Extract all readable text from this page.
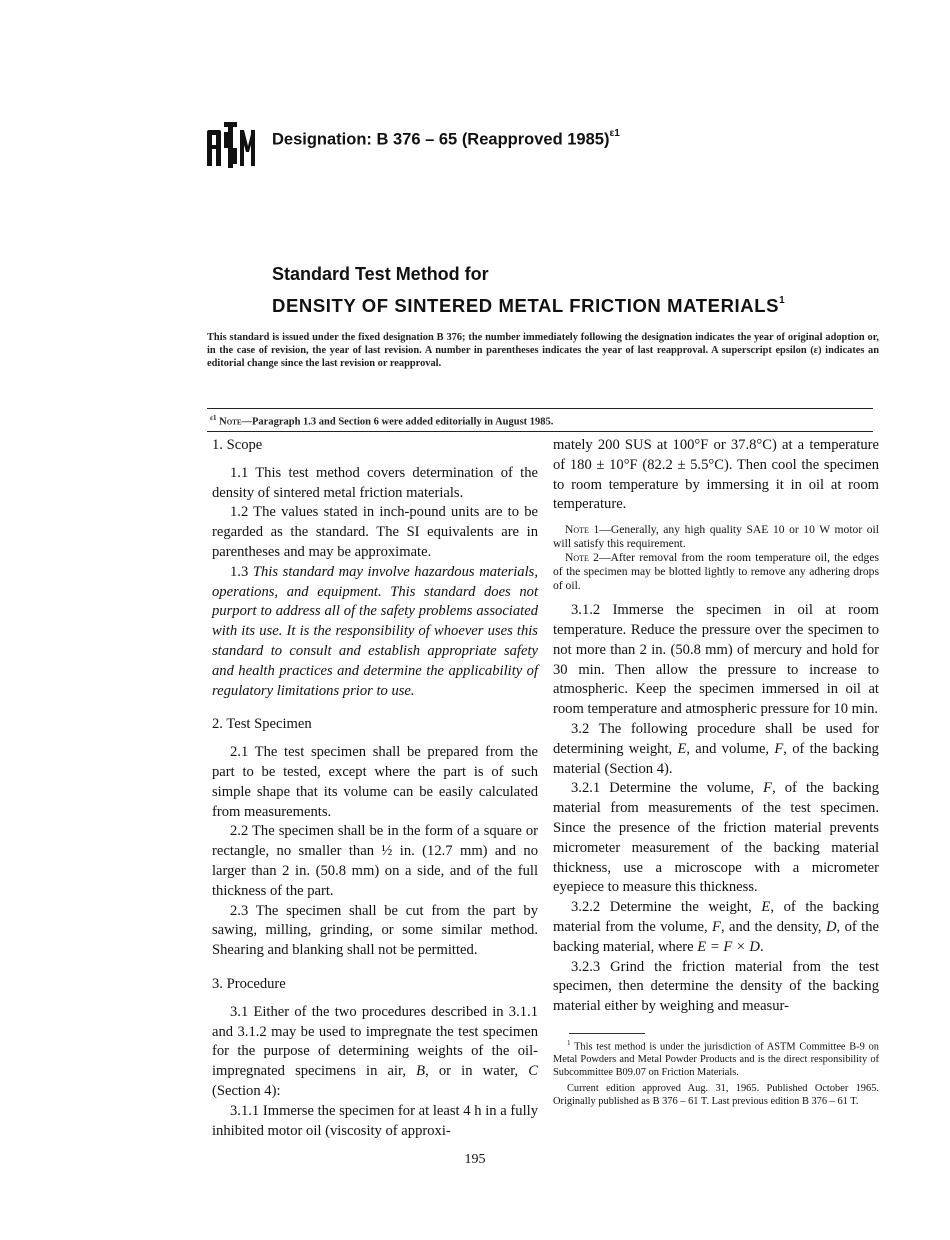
Designation: B 376 – 65 (Reapproved 1985)$^{\varepsilon 1}$

Standard Test Method for

DENSITY OF SINTERED METAL FRICTION MATERIALS$^1$

This standard is issued under the fixed designation B 376; the number immediately following the designation indicates the year of original adoption or, in the case of revision, the year of last revision. A number in parentheses indicates the year of last reapproval. A superscript epsilon (ε) indicates an editorial change since the last revision or reapproval.
$^{\varepsilon 1}$ Note—Paragraph 1.3 and Section 6 were added editorially in August 1985.

1. Scope

1.1 This test method covers determination of the density of sintered metal friction materials.

1.2 The values stated in inch-pound units are to be regarded as the standard. The SI equivalents are in parentheses and may be approximate.

1.3 This standard may involve hazardous materials, operations, and equipment. This standard does not purport to address all of the safety problems associated with its use. It is the responsibility of whoever uses this standard to consult and establish appropriate safety and health practices and determine the applicability of regulatory limitations prior to use.

2. Test Specimen

2.1 The test specimen shall be prepared from the part to be tested, except where the part is of such simple shape that its volume can be easily calculated from measurements.

2.2 The specimen shall be in the form of a square or rectangle, no smaller than ½ in. (12.7 mm) and no larger than 2 in. (50.8 mm) on a side, and of the full thickness of the part.

2.3 The specimen shall be cut from the part by sawing, milling, grinding, or some similar method. Shearing and blanking shall not be permitted.

3. Procedure

3.1 Either of the two procedures described in 3.1.1 and 3.1.2 may be used to impregnate the test specimen for the purpose of determining weights of the oil-impregnated specimens in air, B, or in water, C (Section 4):

3.1.1 Immerse the specimen for at least 4 h in a fully inhibited motor oil (viscosity of approxi-

mately 200 SUS at 100°F or 37.8°C) at a temperature of 180 ± 10°F (82.2 ± 5.5°C). Then cool the specimen to room temperature by immersing it in oil at room temperature.

Note 1—Generally, any high quality SAE 10 or 10 W motor oil will satisfy this requirement.

Note 2—After removal from the room temperature oil, the edges of the specimen may be blotted lightly to remove any adhering drops of oil.

3.1.2 Immerse the specimen in oil at room temperature. Reduce the pressure over the specimen to not more than 2 in. (50.8 mm) of mercury and hold for 30 min. Then allow the pressure to increase to atmospheric. Keep the specimen immersed in oil at room temperature and atmospheric pressure for 10 min.

3.2 The following procedure shall be used for determining weight, E, and volume, F, of the backing material (Section 4).

3.2.1 Determine the volume, F, of the backing material from measurements of the test specimen. Since the presence of the friction material prevents micrometer measurement of the backing material thickness, use a microscope with a micrometer eyepiece to measure this thickness.

3.2.2 Determine the weight, E, of the backing material from the volume, F, and the density, D, of the backing material, where E = F × D.

3.2.3 Grind the friction material from the test specimen, then determine the density of the backing material either by weighing and measur-

$^1$ This test method is under the jurisdiction of ASTM Committee B-9 on Metal Powders and Metal Powder Products and is the direct responsibility of Subcommittee B09.07 on Friction Materials.

Current edition approved Aug. 31, 1965. Published October 1965. Originally published as B 376 – 61 T. Last previous edition B 376 – 61 T.

195
